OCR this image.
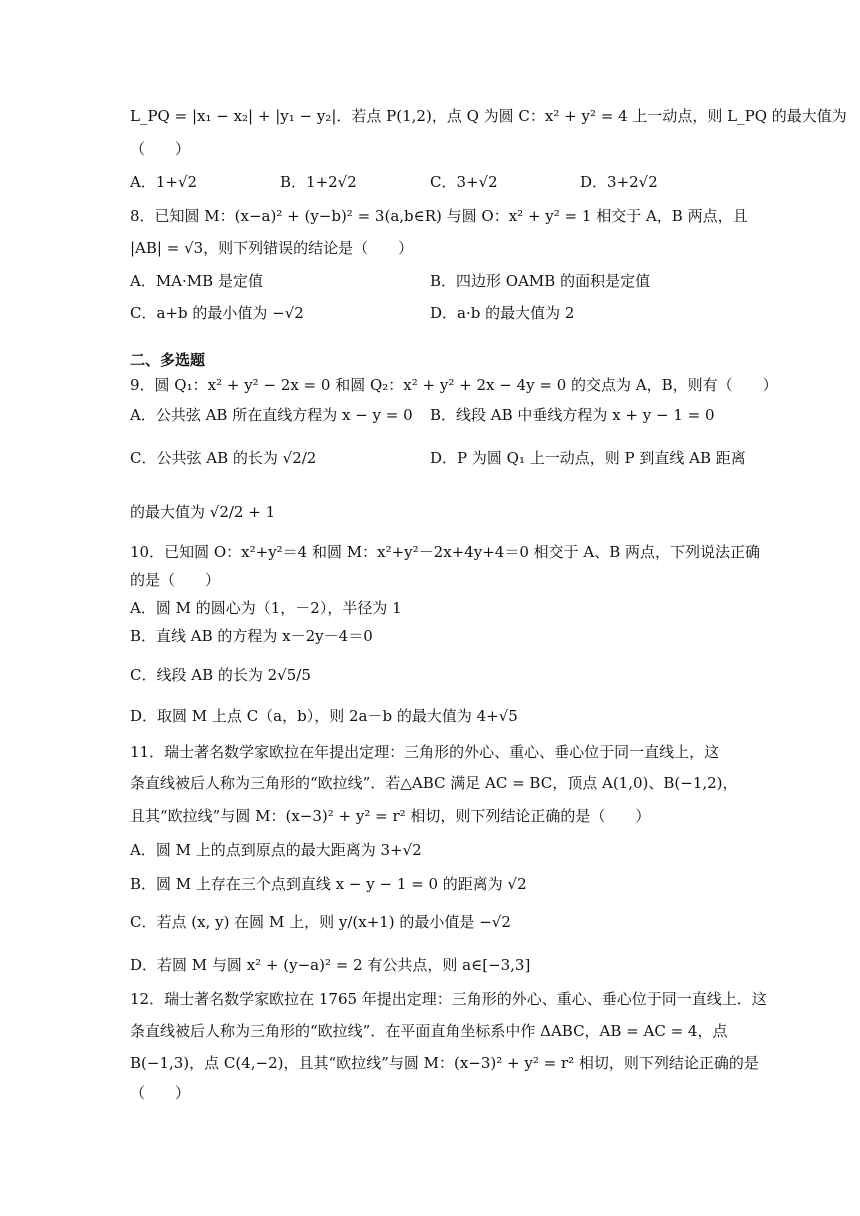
L_PQ = |x₁ − x₂| + |y₁ − y₂|．若点 P(1,2)，点 Q 为圆 C：x² + y² = 4 上一动点，则 L_PQ 的最大值为
（　　）
A．1+√2	B．1+2√2	C．3+√2	D．3+2√2
8．已知圆 M：(x−a)² + (y−b)² = 3(a,b∈R) 与圆 O：x² + y² = 1 相交于 A，B 两点，且
|AB| = √3，则下列错误的结论是（　　）
A．MA·MB 是定值	B．四边形 OAMB 的面积是定值
C．a+b 的最小值为 −√2	D．a·b 的最大值为 2
二、多选题
9．圆 Q₁：x² + y² − 2x = 0 和圆 Q₂：x² + y² + 2x − 4y = 0 的交点为 A，B，则有（　　）
A．公共弦 AB 所在直线方程为 x − y = 0 B．线段 AB 中垂线方程为 x + y − 1 = 0
C．公共弦 AB 的长为 √2/2	D．P 为圆 Q₁ 上一动点，则 P 到直线 AB 距离
的最大值为 √2/2 + 1
10．已知圆 O：x²+y²＝4 和圆 M：x²+y²－2x+4y+4＝0 相交于 A、B 两点，下列说法正确
的是（　　）
A．圆 M 的圆心为（1，－2），半径为 1
B．直线 AB 的方程为 x－2y－4＝0
C．线段 AB 的长为 2√5/5
D．取圆 M 上点 C（a，b），则 2a－b 的最大值为 4+√5
11．瑞士著名数学家欧拉在年提出定理：三角形的外心、重心、垂心位于同一直线上，这
条直线被后人称为三角形的“欧拉线”．若△ABC 满足 AC = BC，顶点 A(1,0)、B(−1,2)，
且其“欧拉线”与圆 M：(x−3)² + y² = r² 相切，则下列结论正确的是（　　）
A．圆 M 上的点到原点的最大距离为 3+√2
B．圆 M 上存在三个点到直线 x − y − 1 = 0 的距离为 √2
C．若点 (x, y) 在圆 M 上，则 y/(x+1) 的最小值是 −√2
D．若圆 M 与圆 x² + (y−a)² = 2 有公共点，则 a∈[−3,3]
12．瑞士著名数学家欧拉在 1765 年提出定理：三角形的外心、重心、垂心位于同一直线上．这
条直线被后人称为三角形的“欧拉线”．在平面直角坐标系中作 ΔABC，AB = AC = 4，点
B(−1,3)，点 C(4,−2)，且其“欧拉线”与圆 M：(x−3)² + y² = r² 相切，则下列结论正确的是
（　　）
